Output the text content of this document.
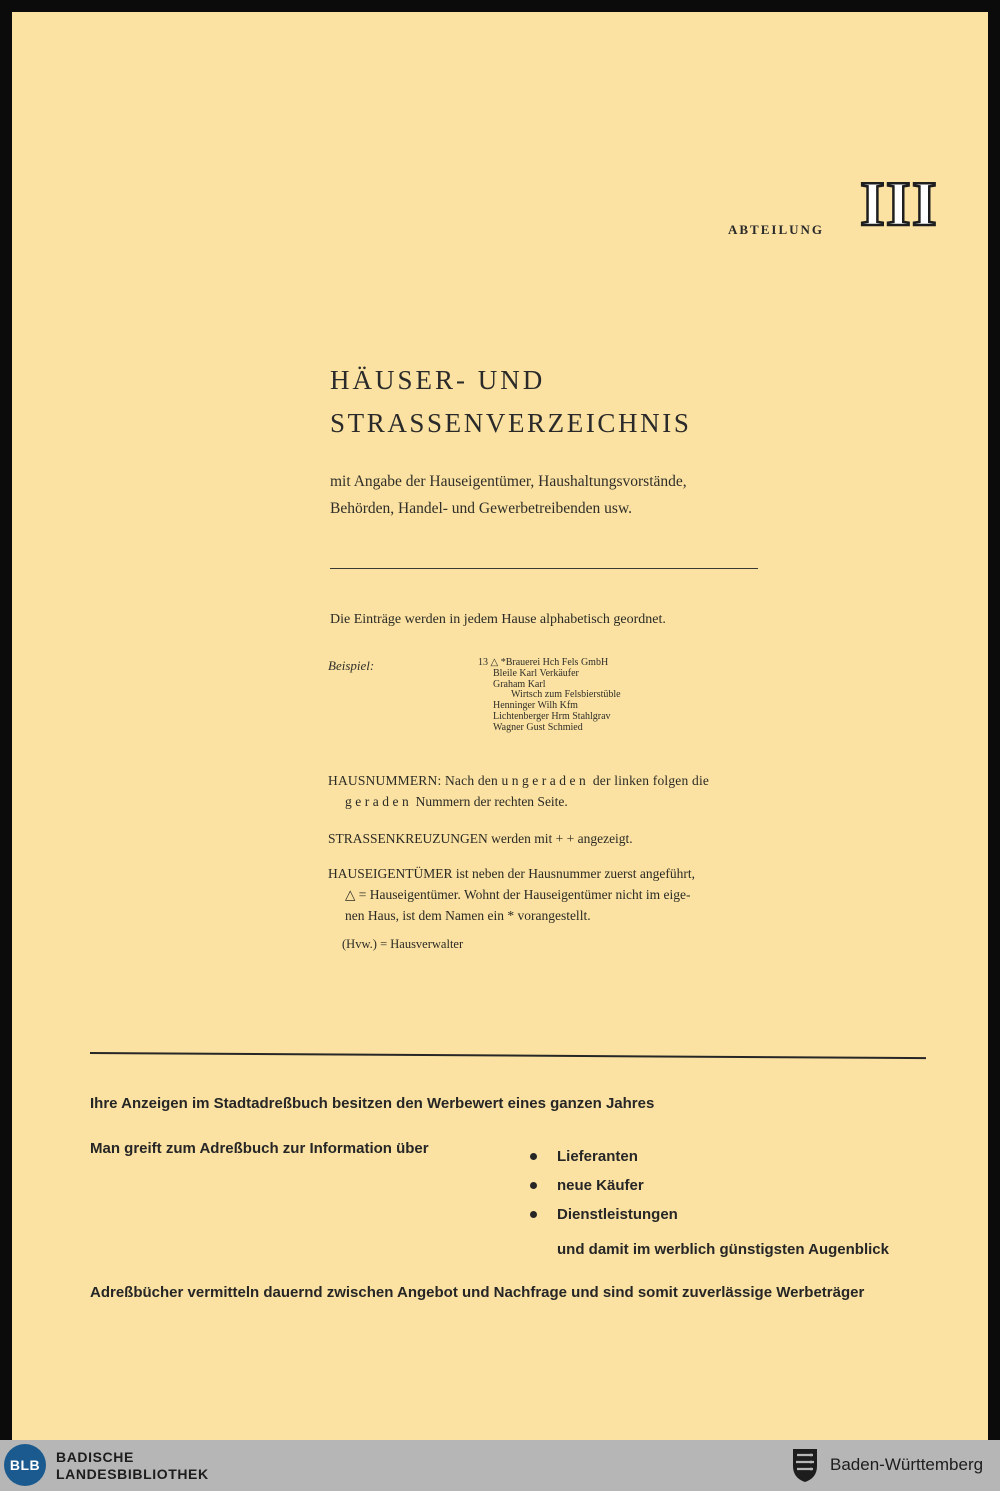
ABTEILUNG III
HÄUSER- UND
STRASSENVERZEICHNIS
mit Angabe der Hauseigentümer, Haushaltungsvorstände,
Behörden, Handel- und Gewerbetreibenden usw.
Die Einträge werden in jedem Hause alphabetisch geordnet.
Beispiel:	13 △ *Brauerei Hch Fels GmbH
Bleile Karl Verkäufer
Graham Karl
Wirtsch zum Felsbierstüble
Henninger Wilh Kfm
Lichtenberger Hrm Stahlgrav
Wagner Gust Schmied
HAUSNUMMERN: Nach den ungeraden der linken folgen die
geraden Nummern der rechten Seite.
STRASSENKREUZUNGEN werden mit + + angezeigt.
HAUSEIGENTÜMER ist neben der Hausnummer zuerst angeführt,
△ = Hauseigentümer. Wohnt der Hauseigentümer nicht im eige-
nen Haus, ist dem Namen ein * vorangestellt.
(Hvw.) = Hausverwalter
Ihre Anzeigen im Stadtadreßbuch besitzen den Werbewert eines ganzen Jahres
Man greift zum Adreßbuch zur Information über	Lieferanten
neue Käufer
Dienstleistungen
und damit im werblich günstigsten Augenblick
Adreßbücher vermitteln dauernd zwischen Angebot und Nachfrage und sind somit zuverlässige Werbeträger
BLB	BADISCHE
LANDESBIBLIOTHEK	Baden-Württemberg
